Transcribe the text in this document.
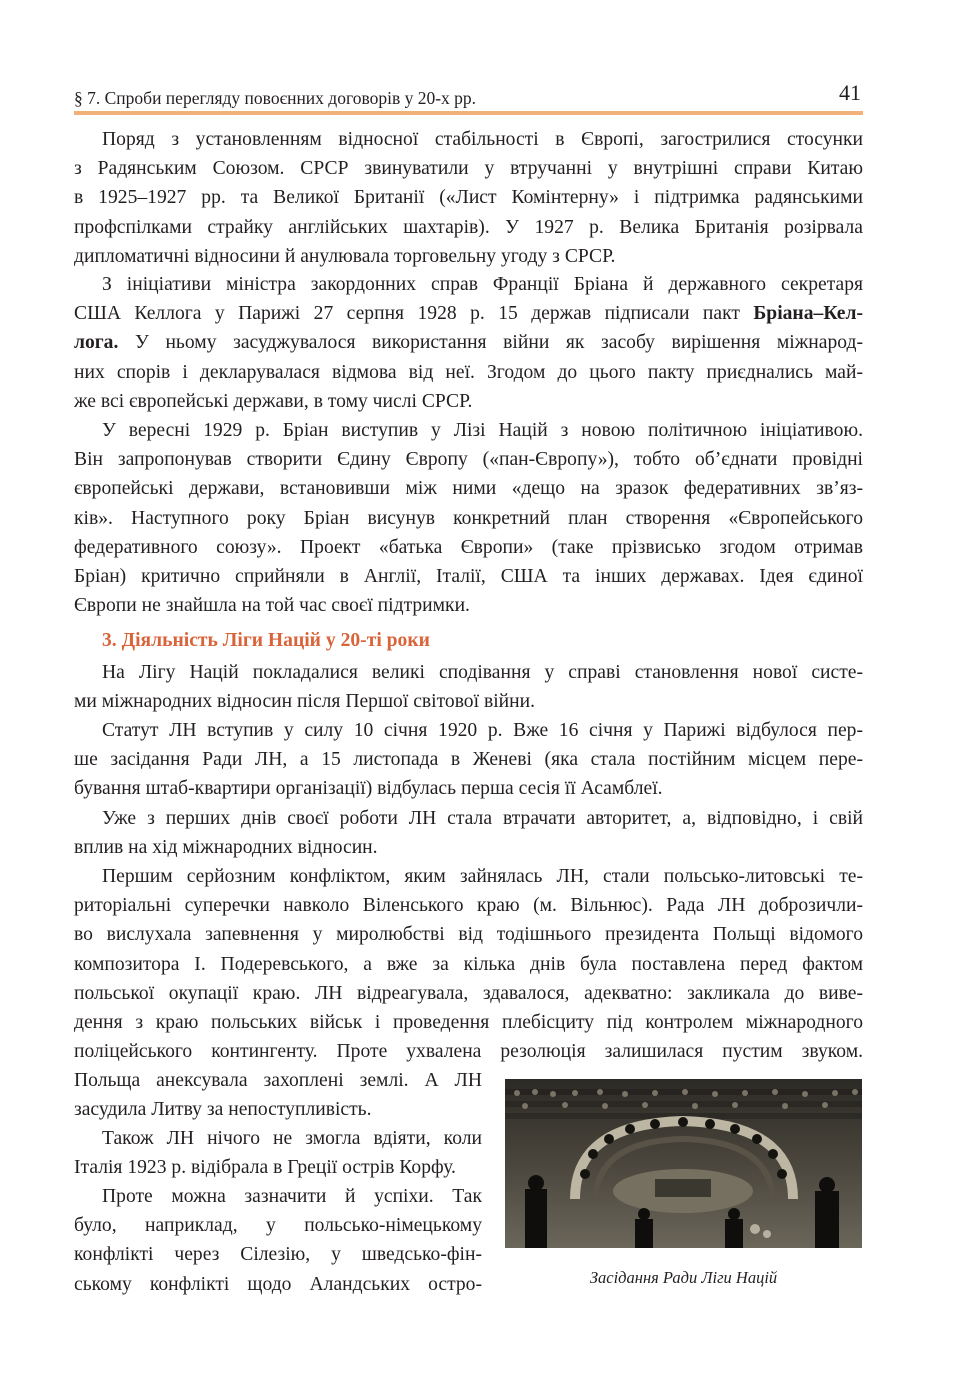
§ 7. Спроби перегляду повоєнних договорів у 20-х рр.	41
Поряд з установленням відносної стабільності в Європі, загострилися стосунки
з Радянським Союзом. СРСР звинуватили у втручанні у внутрішні справи Китаю
в 1925–1927 рр. та Великої Британії («Лист Комінтерну» і підтримка радянськими
профспілками страйку англійських шахтарів). У 1927 р. Велика Британія розірвала
дипломатичні відносини й анулювала торговельну угоду з СРСР.
З ініціативи міністра закордонних справ Франції Бріана й державного секретаря
США Келлога у Парижі 27 серпня 1928 р. 15 держав підписали пакт Бріана–Кел-
лога. У ньому засуджувалося використання війни як засобу вирішення міжнарод-
них спорів і декларувалася відмова від неї. Згодом до цього пакту приєднались май-
же всі європейські держави, в тому числі СРСР.
У вересні 1929 р. Бріан виступив у Лізі Націй з новою політичною ініціативою.
Він запропонував створити Єдину Європу («пан-Європу»), тобто об’єднати провідні
європейські держави, встановивши між ними «дещо на зразок федеративних зв’яз-
ків». Наступного року Бріан висунув конкретний план створення «Європейського
федеративного союзу». Проект «батька Європи» (таке прізвисько згодом отримав
Бріан) критично сприйняли в Англії, Італії, США та інших державах. Ідея єдиної
Європи не знайшла на той час своєї підтримки.
3. Діяльність Ліги Націй у 20-ті роки
На Лігу Націй покладалися великі сподівання у справі становлення нової систе-
ми міжнародних відносин після Першої світової війни.
Статут ЛН вступив у силу 10 січня 1920 р. Вже 16 січня у Парижі відбулося пер-
ше засідання Ради ЛН, а 15 листопада в Женеві (яка стала постійним місцем пере-
бування штаб-квартири організації) відбулась перша сесія її Асамблеї.
Уже з перших днів своєї роботи ЛН стала втрачати авторитет, а, відповідно, і свій
вплив на хід міжнародних відносин.
Першим серйозним конфліктом, яким зайнялась ЛН, стали польсько-литовські те-
риторіальні суперечки навколо Віленського краю (м. Вільнюс). Рада ЛН доброзичли-
во вислухала запевнення у миролюбстві від тодішнього президента Польщі відомого
композитора І. Подеревського, а вже за кілька днів була поставлена перед фактом
польської окупації краю. ЛН відреагувала, здавалося, адекватно: закликала до виве-
дення з краю польських військ і проведення плебісциту під контролем міжнародного
поліцейського контингенту. Проте ухвалена резолюція залишилася пустим звуком.
Польща анексувала захоплені землі. А ЛН
засудила Литву за непоступливість.
Також ЛН нічого не змогла вдіяти, коли
Італія 1923 р. відібрала в Греції острів Корфу.
Проте можна зазначити й успіхи. Так
було, наприклад, у польсько-німецькому
конфлікті через Сілезію, у шведсько-фін-
ському конфлікті щодо Аландських остро-	Засідання Ради Ліги Націй
